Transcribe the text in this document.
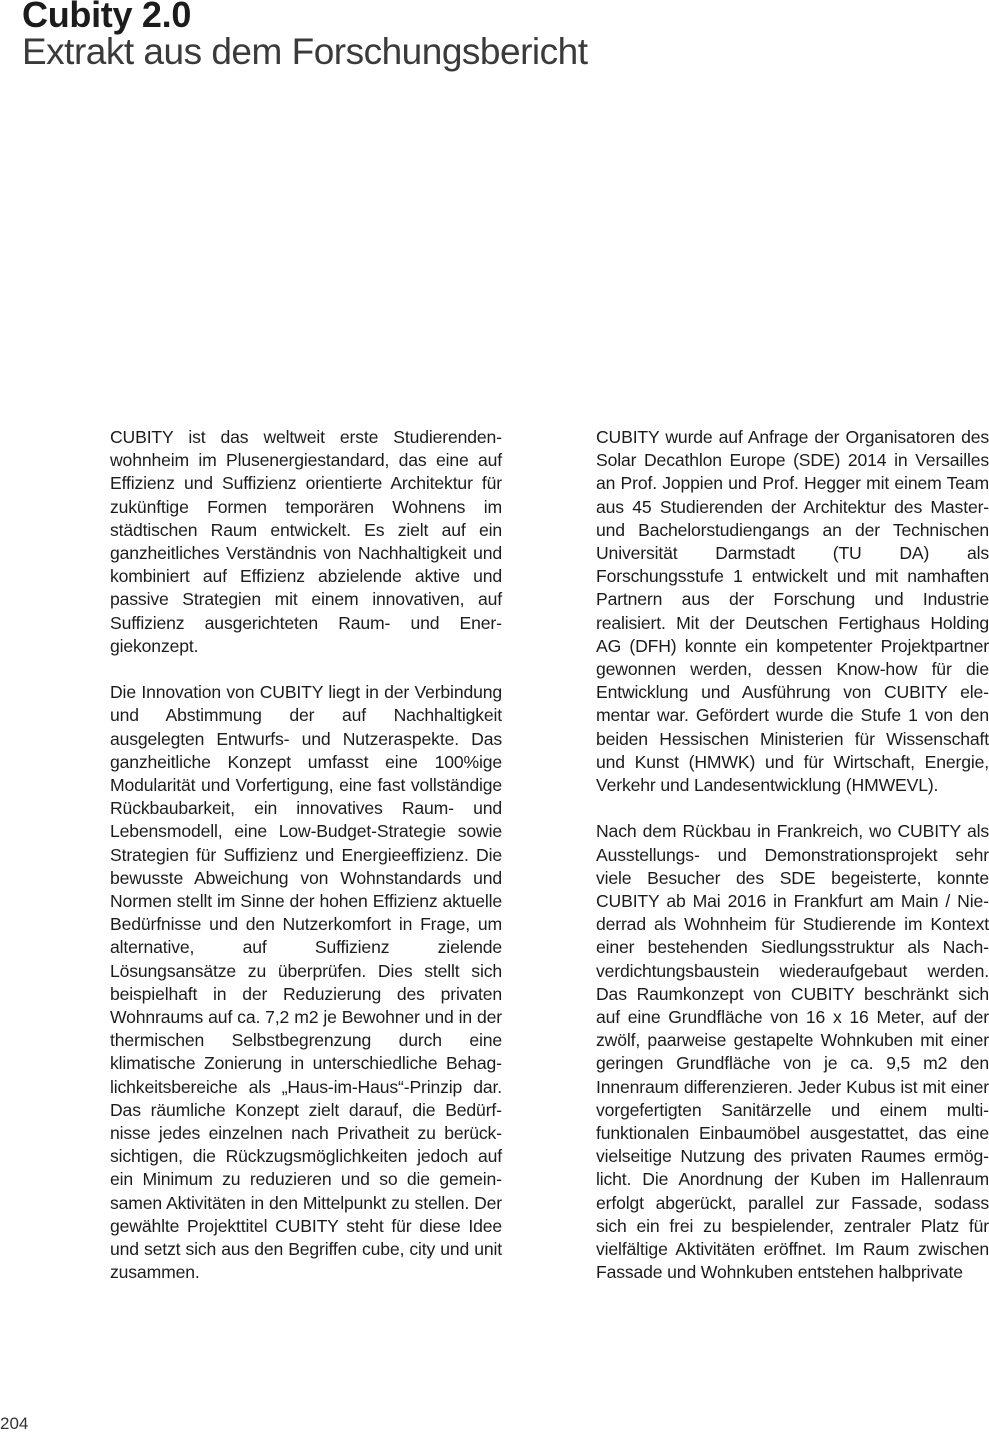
Cubity 2.0
Extrakt aus dem Forschungsbericht

CUBITY ist das weltweit erste Studierendenwohnheim im Plusenergiestandard, das eine auf Effizienz und Suffizienz orientierte Architektur für zukünftige Formen temporären Wohnens im städtischen Raum entwickelt. Es zielt auf ein ganzheitliches Verständnis von Nachhaltigkeit und kombiniert auf Effizienz abzielende aktive und passive Strategien mit einem innovativen, auf Suffizienz ausgerichteten Raum- und Energiekonzept.

Die Innovation von CUBITY liegt in der Verbindung und Abstimmung der auf Nachhaltigkeit ausgelegten Entwurfs- und Nutzeraspekte. Das ganzheitliche Konzept umfasst eine 100%ige Modularität und Vorfertigung, eine fast vollständige Rückbaubarkeit, ein innovatives Raum- und Lebensmodell, eine Low-Budget-Strategie sowie Strategien für Suffizienz und Energieeffizienz. Die bewusste Abweichung von Wohnstandards und Normen stellt im Sinne der hohen Effizienz aktuelle Bedürfnisse und den Nutzerkomfort in Frage, um alternative, auf Suffizienz zielende Lösungsansätze zu überprüfen. Dies stellt sich beispielhaft in der Reduzierung des privaten Wohnraums auf ca. 7,2 m2 je Bewohner und in der thermischen Selbstbegrenzung durch eine klimatische Zonierung in unterschiedliche Behaglichkeitsbereiche als „Haus-im-Haus“-Prinzip dar. Das räumliche Konzept zielt darauf, die Bedürfnisse jedes einzelnen nach Privatheit zu berücksichtigen, die Rückzugsmöglichkeiten jedoch auf ein Minimum zu reduzieren und so die gemeinsamen Aktivitäten in den Mittelpunkt zu stellen. Der gewählte Projekttitel CUBITY steht für diese Idee und setzt sich aus den Begriffen cube, city und unit zusammen.

CUBITY wurde auf Anfrage der Organisatoren des Solar Decathlon Europe (SDE) 2014 in Versailles an Prof. Joppien und Prof. Hegger mit einem Team aus 45 Studierenden der Architektur des Master- und Bachelorstudiengangs an der Technischen Universität Darmstadt (TU DA) als Forschungsstufe 1 entwickelt und mit namhaften Partnern aus der Forschung und Industrie realisiert. Mit der Deutschen Fertighaus Holding AG (DFH) konnte ein kompetenter Projektpartner gewonnen werden, dessen Know-how für die Entwicklung und Ausführung von CUBITY elementar war. Gefördert wurde die Stufe 1 von den beiden Hessischen Ministerien für Wissenschaft und Kunst (HMWK) und für Wirtschaft, Energie, Verkehr und Landesentwicklung (HMWEVL).

Nach dem Rückbau in Frankreich, wo CUBITY als Ausstellungs- und Demonstrationsprojekt sehr viele Besucher des SDE begeisterte, konnte CUBITY ab Mai 2016 in Frankfurt am Main / Niederrad als Wohnheim für Studierende im Kontext einer bestehenden Siedlungsstruktur als Nachverdichtungsbaustein wiederaufgebaut werden. Das Raumkonzept von CUBITY beschränkt sich auf eine Grundfläche von 16 x 16 Meter, auf der zwölf, paarweise gestapelte Wohnkuben mit einer geringen Grundfläche von je ca. 9,5 m2 den Innenraum differenzieren. Jeder Kubus ist mit einer vorgefertigten Sanitärzelle und einem multifunktionalen Einbaumöbel ausgestattet, das eine vielseitige Nutzung des privaten Raumes ermöglicht. Die Anordnung der Kuben im Hallenraum erfolgt abgerückt, parallel zur Fassade, sodass sich ein frei zu bespielender, zentraler Platz für vielfältige Aktivitäten eröffnet. Im Raum zwischen Fassade und Wohnkuben entstehen halbprivate

204
